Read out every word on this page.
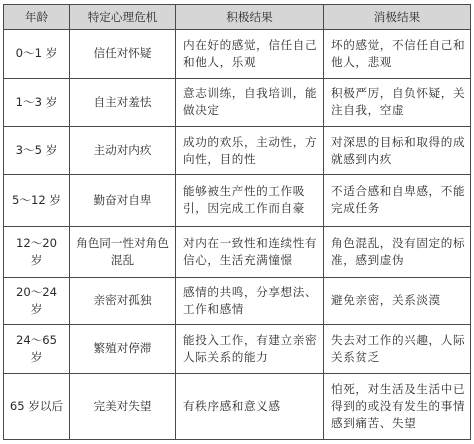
年龄	特定心理危机	积极结果	消极结果
0～1 岁	信任对怀疑	内在好的感觉，信任自己和他人，乐观	坏的感觉，不信任自己和他人，悲观
1～3 岁	自主对羞怯	意志训练，自我培训，能做决定	积极严厉，自负怀疑，关注自我，空虚
3～5 岁	主动对内疚	成功的欢乐，主动性，方向性，目的性	对深思的目标和取得的成就感到内疚
5～12 岁	勤奋对自卑	能够被生产性的工作吸引，因完成工作而自豪	不适合感和自卑感，不能完成任务
12～20 岁	角色同一性对角色混乱	对内在一致性和连续性有信心，生活充满憧憬	角色混乱，没有固定的标准，感到虚伪
20～24 岁	亲密对孤独	感情的共鸣，分享想法、工作和感情	避免亲密，关系淡漠
24～65 岁	繁殖对停滞	能投入工作，有建立亲密人际关系的能力	失去对工作的兴趣，人际关系贫乏
65 岁以后	完美对失望	有秩序感和意义感	怕死，对生活及生活中已得到的或没有发生的事情感到痛苦、失望
